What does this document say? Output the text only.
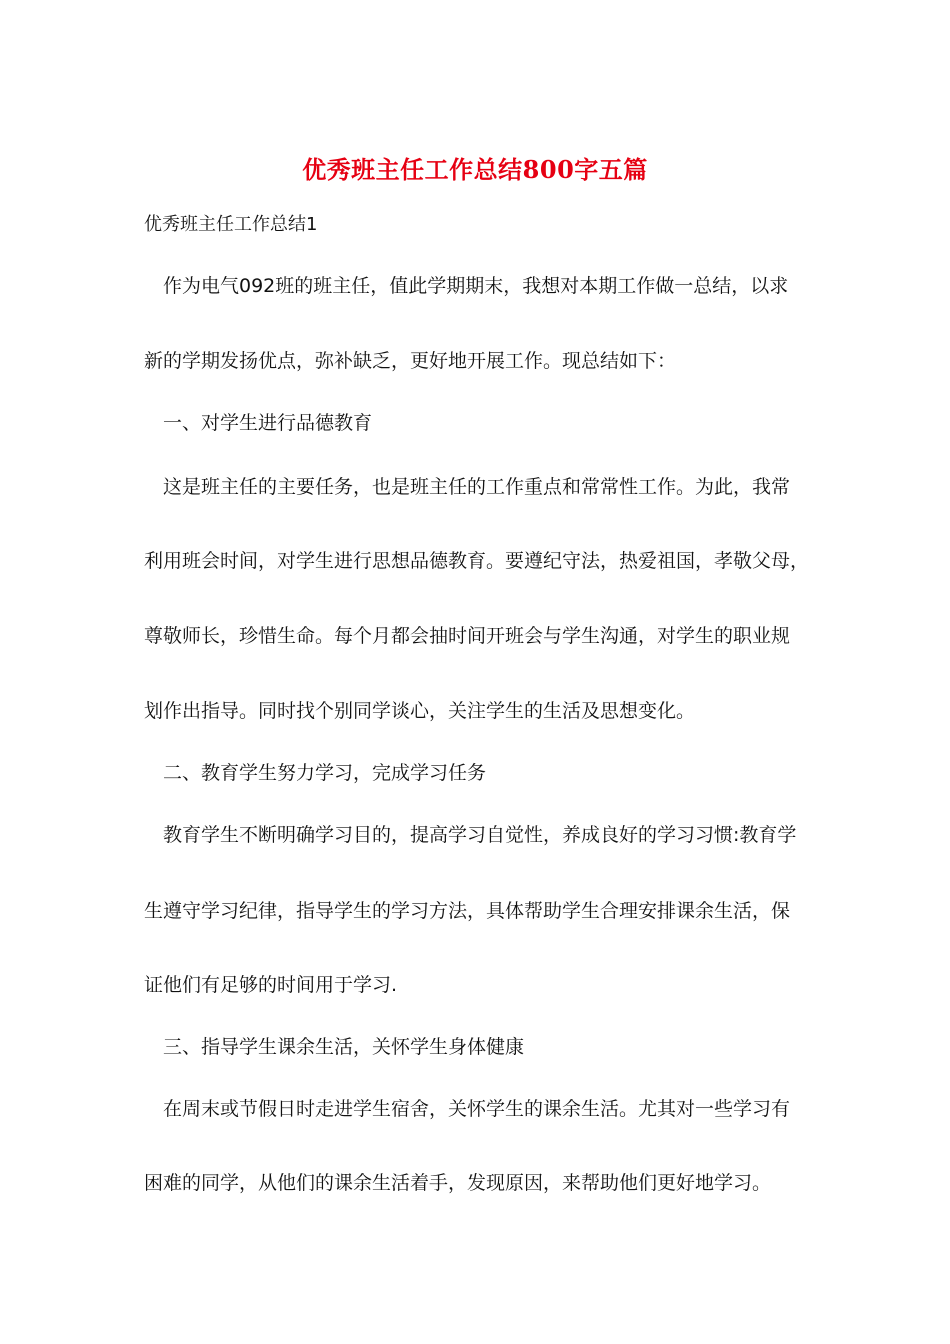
优秀班主任工作总结800字五篇
优秀班主任工作总结1
作为电气092班的班主任，值此学期期末，我想对本期工作做一总结，以求
新的学期发扬优点，弥补缺乏，更好地开展工作。现总结如下：
一、对学生进行品德教育
这是班主任的主要任务，也是班主任的工作重点和常常性工作。为此，我常
利用班会时间，对学生进行思想品德教育。要遵纪守法，热爱祖国，孝敬父母，
尊敬师长，珍惜生命。每个月都会抽时间开班会与学生沟通，对学生的职业规
划作出指导。同时找个别同学谈心，关注学生的生活及思想变化。
二、教育学生努力学习，完成学习任务
教育学生不断明确学习目的，提高学习自觉性，养成良好的学习习惯:教育学
生遵守学习纪律，指导学生的学习方法，具体帮助学生合理安排课余生活，保
证他们有足够的时间用于学习.
三、指导学生课余生活，关怀学生身体健康
在周末或节假日时走进学生宿舍，关怀学生的课余生活。尤其对一些学习有
困难的同学，从他们的课余生活着手，发现原因，来帮助他们更好地学习。
